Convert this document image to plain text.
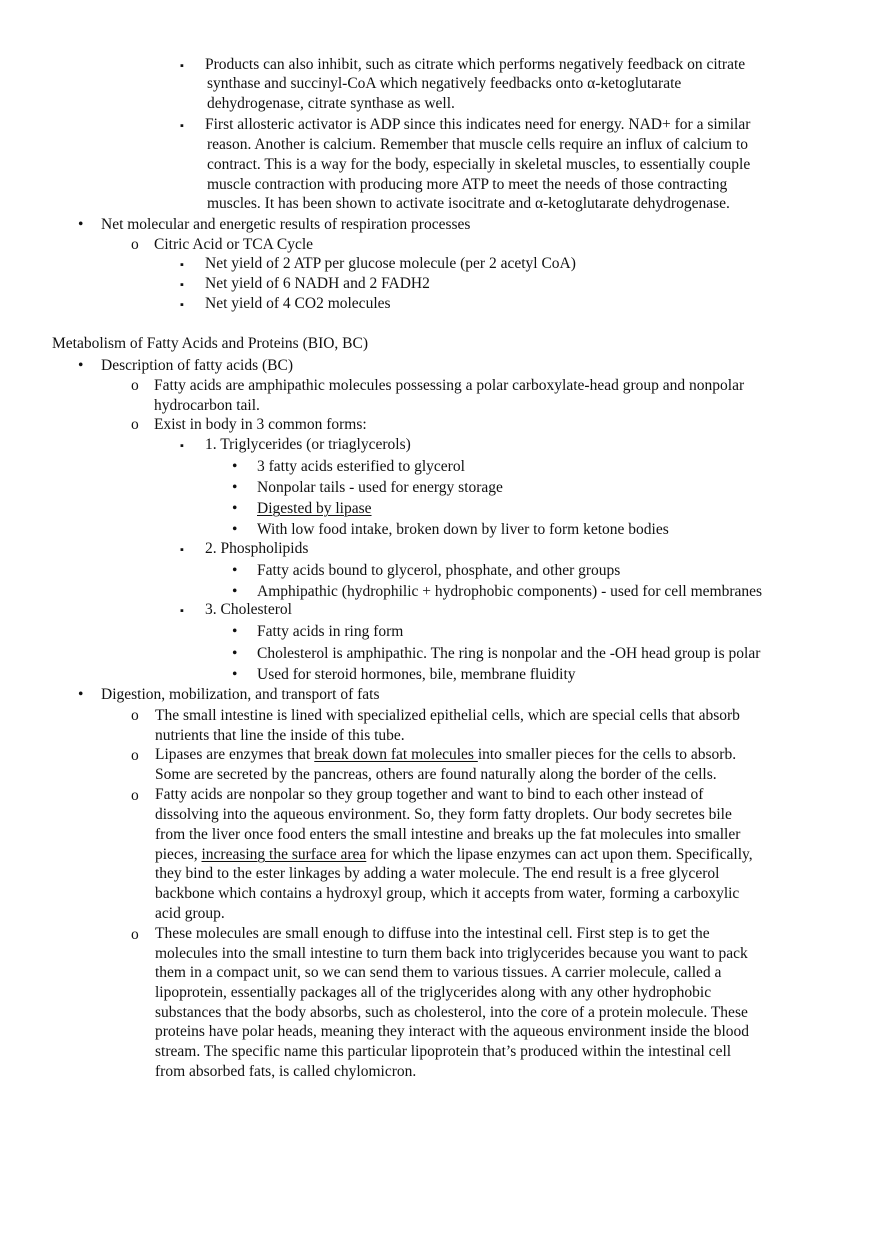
▪ Products can also inhibit, such as citrate which performs negatively feedback on citrate
synthase and succinyl-CoA which negatively feedbacks onto α-ketoglutarate
dehydrogenase, citrate synthase as well.
▪ First allosteric activator is ADP since this indicates need for energy. NAD+ for a similar
reason. Another is calcium. Remember that muscle cells require an influx of calcium to
contract. This is a way for the body, especially in skeletal muscles, to essentially couple
muscle contraction with producing more ATP to meet the needs of those contracting
muscles. It has been shown to activate isocitrate and α-ketoglutarate dehydrogenase.
• Net molecular and energetic results of respiration processes
o Citric Acid or TCA Cycle
▪ Net yield of 2 ATP per glucose molecule (per 2 acetyl CoA)
▪ Net yield of 6 NADH and 2 FADH2
▪ Net yield of 4 CO2 molecules
Metabolism of Fatty Acids and Proteins (BIO, BC)
• Description of fatty acids (BC)
o Fatty acids are amphipathic molecules possessing a polar carboxylate-head group and nonpolar
hydrocarbon tail.
o Exist in body in 3 common forms:
▪ 1. Triglycerides (or triaglycerols)
• 3 fatty acids esterified to glycerol
• Nonpolar tails - used for energy storage
• Digested by lipase
• With low food intake, broken down by liver to form ketone bodies
▪ 2. Phospholipids
• Fatty acids bound to glycerol, phosphate, and other groups
• Amphipathic (hydrophilic + hydrophobic components) - used for cell membranes
▪ 3. Cholesterol
• Fatty acids in ring form
• Cholesterol is amphipathic. The ring is nonpolar and the -OH head group is polar
• Used for steroid hormones, bile, membrane fluidity
• Digestion, mobilization, and transport of fats
o The small intestine is lined with specialized epithelial cells, which are special cells that absorb
nutrients that line the inside of this tube.
o Lipases are enzymes that break down fat molecules into smaller pieces for the cells to absorb.
Some are secreted by the pancreas, others are found naturally along the border of the cells.
o Fatty acids are nonpolar so they group together and want to bind to each other instead of
dissolving into the aqueous environment. So, they form fatty droplets. Our body secretes bile
from the liver once food enters the small intestine and breaks up the fat molecules into smaller
pieces, increasing the surface area for which the lipase enzymes can act upon them. Specifically,
they bind to the ester linkages by adding a water molecule. The end result is a free glycerol
backbone which contains a hydroxyl group, which it accepts from water, forming a carboxylic
acid group.
o These molecules are small enough to diffuse into the intestinal cell. First step is to get the
molecules into the small intestine to turn them back into triglycerides because you want to pack
them in a compact unit, so we can send them to various tissues. A carrier molecule, called a
lipoprotein, essentially packages all of the triglycerides along with any other hydrophobic
substances that the body absorbs, such as cholesterol, into the core of a protein molecule. These
proteins have polar heads, meaning they interact with the aqueous environment inside the blood
stream. The specific name this particular lipoprotein that’s produced within the intestinal cell
from absorbed fats, is called chylomicron.
